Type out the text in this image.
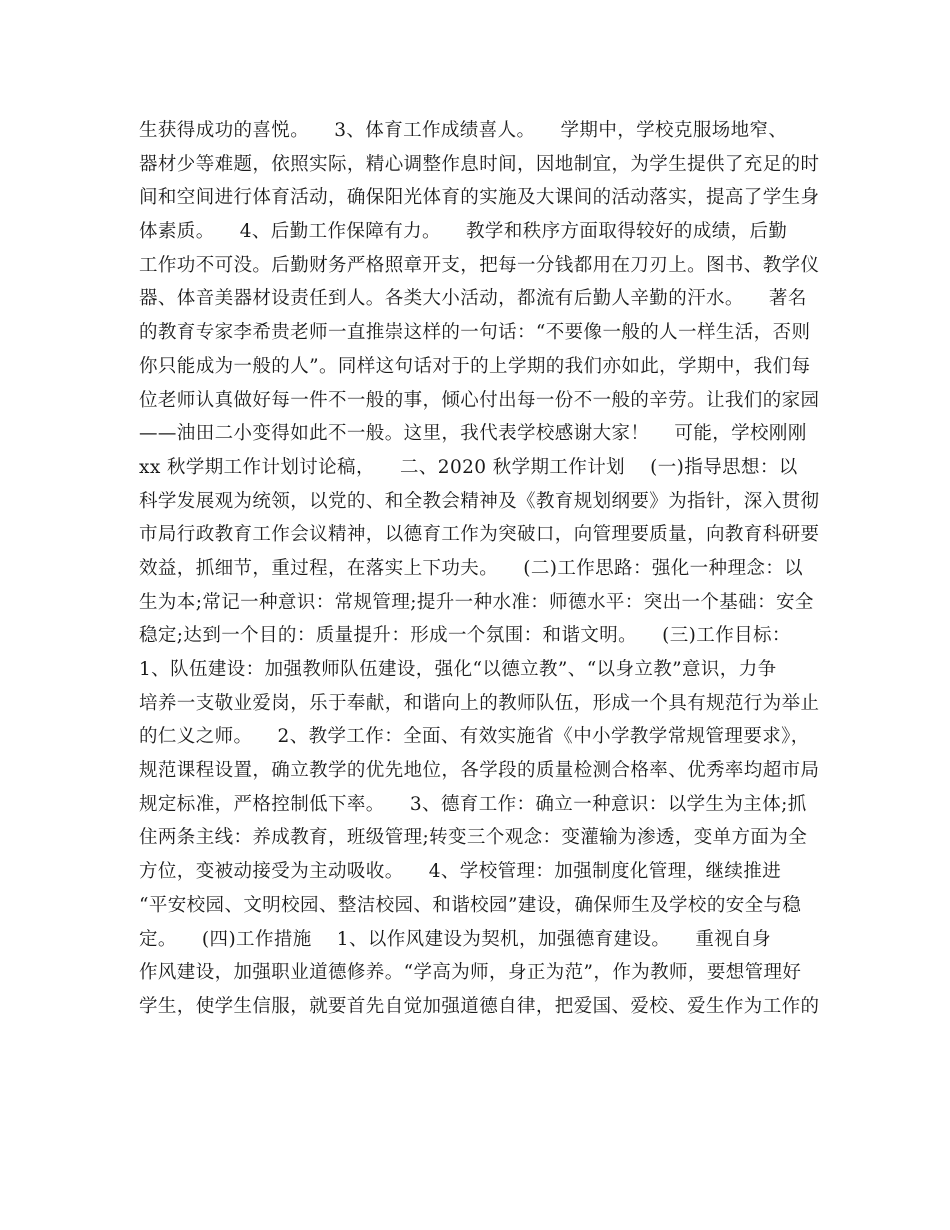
生获得成功的喜悦。    3、体育工作成绩喜人。    学期中，学校克服场地窄、
器材少等难题，依照实际，精心调整作息时间，因地制宜，为学生提供了充足的时
间和空间进行体育活动，确保阳光体育的实施及大课间的活动落实，提高了学生身
体素质。    4、后勤工作保障有力。    教学和秩序方面取得较好的成绩，后勤
工作功不可没。后勤财务严格照章开支，把每一分钱都用在刀刃上。图书、教学仪
器、体音美器材设责任到人。各类大小活动，都流有后勤人辛勤的汗水。    著名
的教育专家李希贵老师一直推崇这样的一句话：“不要像一般的人一样生活，否则
你只能成为一般的人”。同样这句话对于的上学期的我们亦如此，学期中，我们每
位老师认真做好每一件不一般的事，倾心付出每一份不一般的辛劳。让我们的家园
——油田二小变得如此不一般。这里，我代表学校感谢大家！    可能，学校刚刚
xx 秋学期工作计划讨论稿，    二、2020 秋学期工作计划    (一)指导思想：以
科学发展观为统领，以党的、和全教会精神及《教育规划纲要》为指针，深入贯彻
市局行政教育工作会议精神，以德育工作为突破口，向管理要质量，向教育科研要
效益，抓细节，重过程，在落实上下功夫。    (二)工作思路：强化一种理念：以
生为本;常记一种意识：常规管理;提升一种水准：师德水平：突出一个基础：安全
稳定;达到一个目的：质量提升：形成一个氛围：和谐文明。    (三)工作目标：
1、队伍建设：加强教师队伍建设，强化“以德立教”、“以身立教”意识，力争
培养一支敬业爱岗，乐于奉献，和谐向上的教师队伍，形成一个具有规范行为举止
的仁义之师。    2、教学工作：全面、有效实施省《中小学教学常规管理要求》，
规范课程设置，确立教学的优先地位，各学段的质量检测合格率、优秀率均超市局
规定标准，严格控制低下率。    3、德育工作：确立一种意识：以学生为主体;抓
住两条主线：养成教育，班级管理;转变三个观念：变灌输为渗透，变单方面为全
方位，变被动接受为主动吸收。    4、学校管理：加强制度化管理，继续推进
“平安校园、文明校园、整洁校园、和谐校园”建设，确保师生及学校的安全与稳
定。    (四)工作措施    1、以作风建设为契机，加强德育建设。    重视自身
作风建设，加强职业道德修养。“学高为师，身正为范”，作为教师，要想管理好
学生，使学生信服，就要首先自觉加强道德自律，把爱国、爱校、爱生作为工作的
